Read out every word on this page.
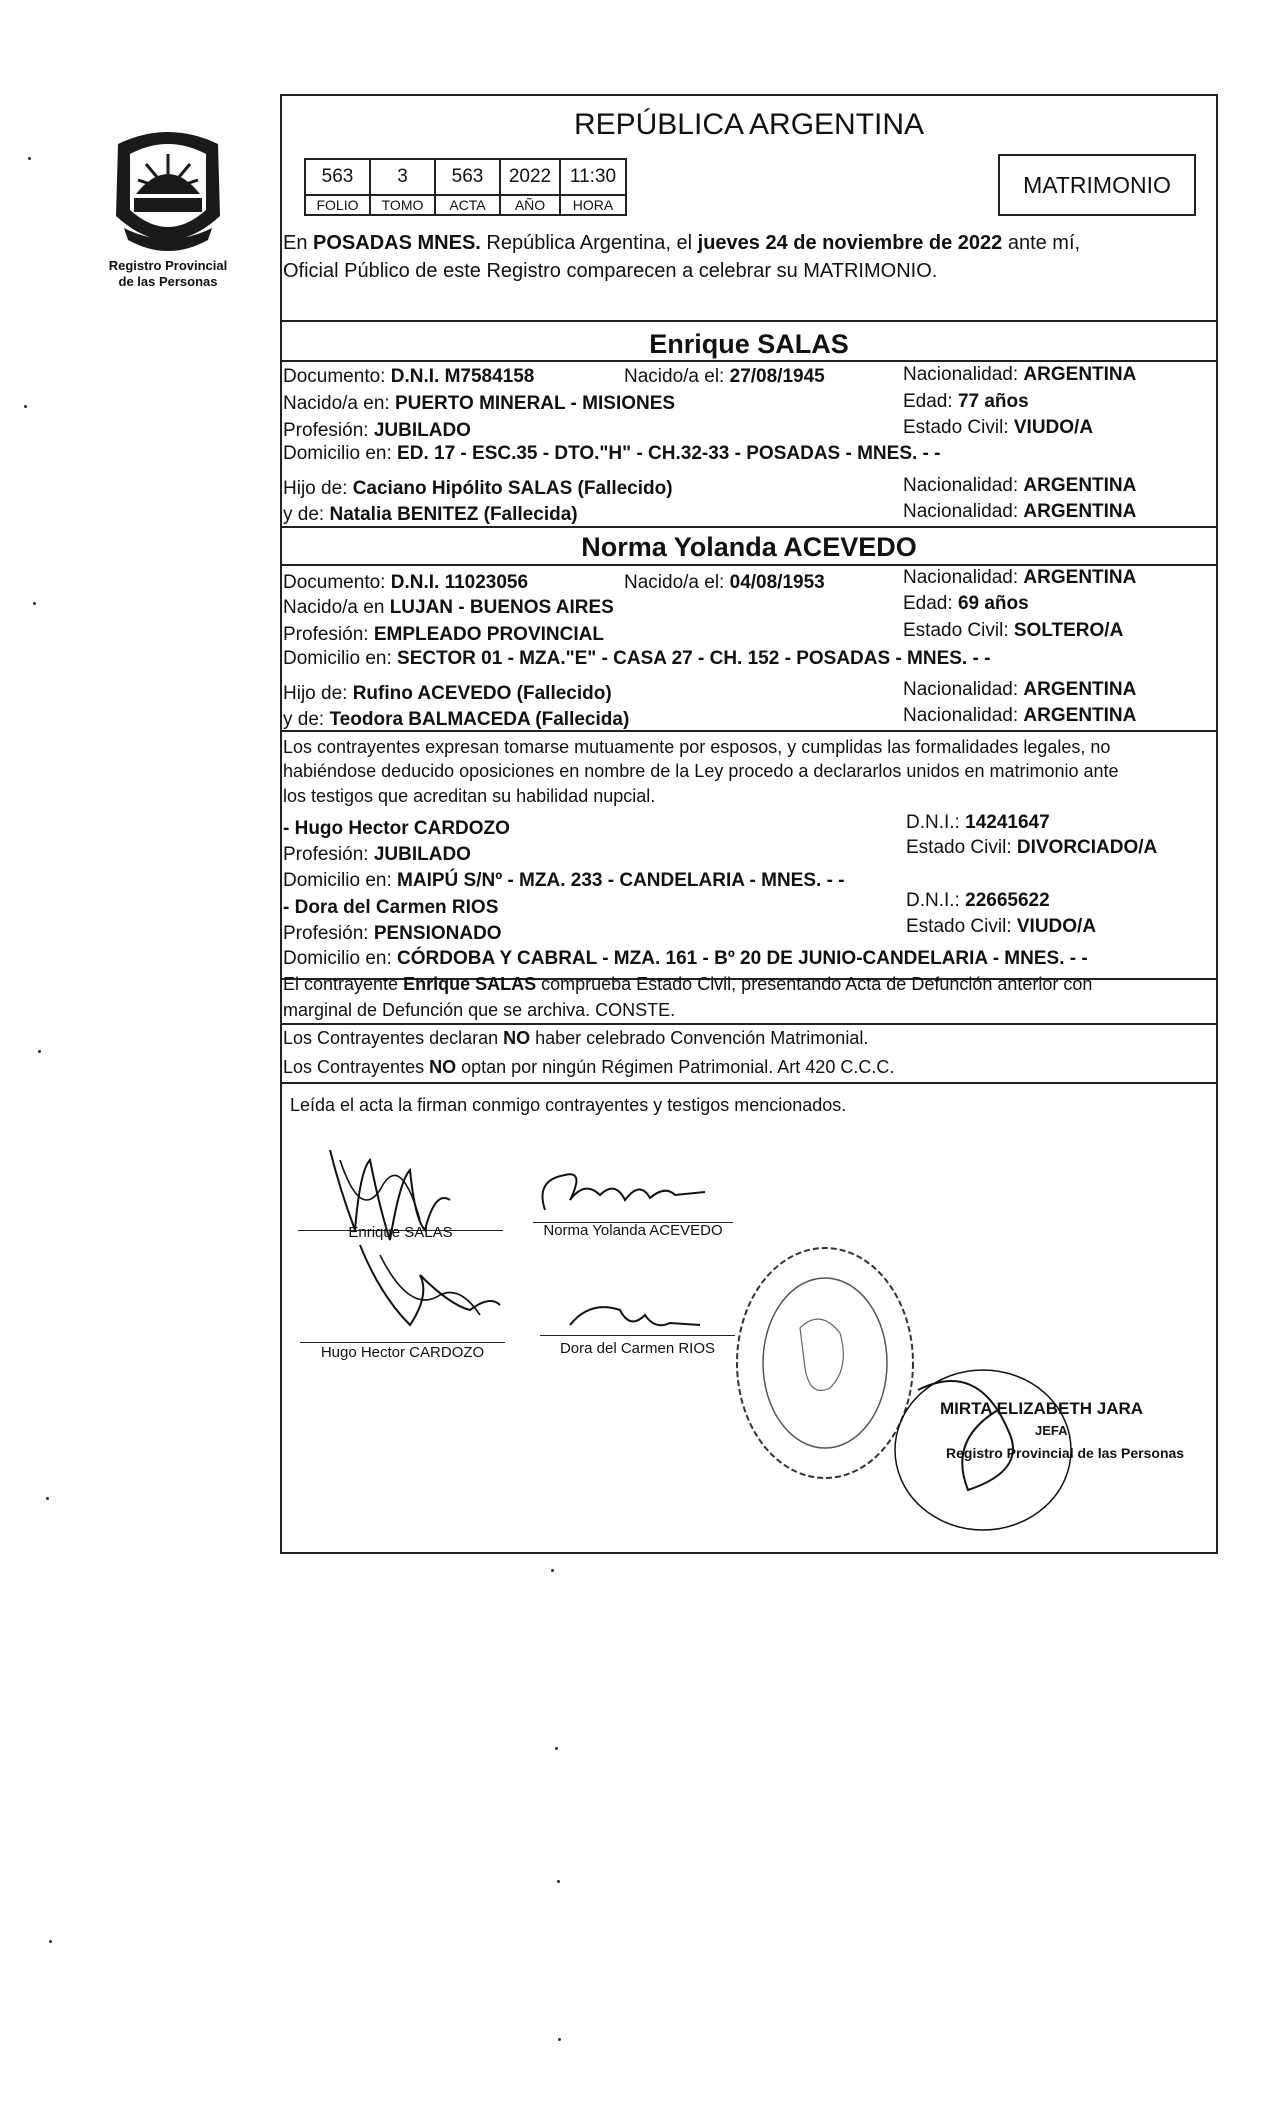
Registro Provincial
de las Personas
REPÚBLICA ARGENTINA
563	3	563	2022	11:30
FOLIO	TOMO	ACTA	AÑO	HORA
MATRIMONIO
En POSADAS MNES. República Argentina, el jueves 24 de noviembre de 2022 ante mí,
Oficial Público de este Registro comparecen a celebrar su MATRIMONIO.
Enrique SALAS
Documento: D.N.I. M7584158	Nacido/a el: 27/08/1945	Nacionalidad: ARGENTINA
Nacido/a en: PUERTO MINERAL - MISIONES	Edad: 77 años
Profesión: JUBILADO	Estado Civil: VIUDO/A
Domicilio en: ED. 17 - ESC.35 - DTO."H" - CH.32-33 - POSADAS - MNES. - -
Hijo de: Caciano Hipólito SALAS (Fallecido)	Nacionalidad: ARGENTINA
y de: Natalia BENITEZ (Fallecida)	Nacionalidad: ARGENTINA
Norma Yolanda ACEVEDO
Documento: D.N.I. 11023056	Nacido/a el: 04/08/1953	Nacionalidad: ARGENTINA
Nacido/a en LUJAN - BUENOS AIRES	Edad: 69 años
Profesión: EMPLEADO PROVINCIAL	Estado Civil: SOLTERO/A
Domicilio en: SECTOR 01 - MZA."E" - CASA 27 - CH. 152 - POSADAS - MNES. - -
Hijo de: Rufino ACEVEDO (Fallecido)	Nacionalidad: ARGENTINA
y de: Teodora BALMACEDA (Fallecida)	Nacionalidad: ARGENTINA
Los contrayentes expresan tomarse mutuamente por esposos, y cumplidas las formalidades legales, no
habiéndose deducido oposiciones en nombre de la Ley procedo a declararlos unidos en matrimonio ante
los testigos que acreditan su habilidad nupcial.
- Hugo Hector CARDOZO	D.N.I.: 14241647
Profesión: JUBILADO	Estado Civil: DIVORCIADO/A
Domicilio en: MAIPÚ S/Nº - MZA. 233 - CANDELARIA - MNES. - -
- Dora del Carmen RIOS	D.N.I.: 22665622
Profesión: PENSIONADO	Estado Civil: VIUDO/A
Domicilio en: CÓRDOBA Y CABRAL - MZA. 161 - Bº 20 DE JUNIO-CANDELARIA - MNES. - -
El contrayente Enrique SALAS comprueba Estado Civil, presentando Acta de Defunción anterior con
marginal de Defunción que se archiva. CONSTE.
Los Contrayentes declaran NO haber celebrado Convención Matrimonial.
Los Contrayentes NO optan por ningún Régimen Patrimonial. Art 420 C.C.C.
Leída el acta la firman conmigo contrayentes y testigos mencionados.
Enrique SALAS	Norma Yolanda ACEVEDO
Hugo Hector CARDOZO	Dora del Carmen RIOS
MIRTA ELIZABETH JARA
JEFA
Registro Provincial de las Personas
